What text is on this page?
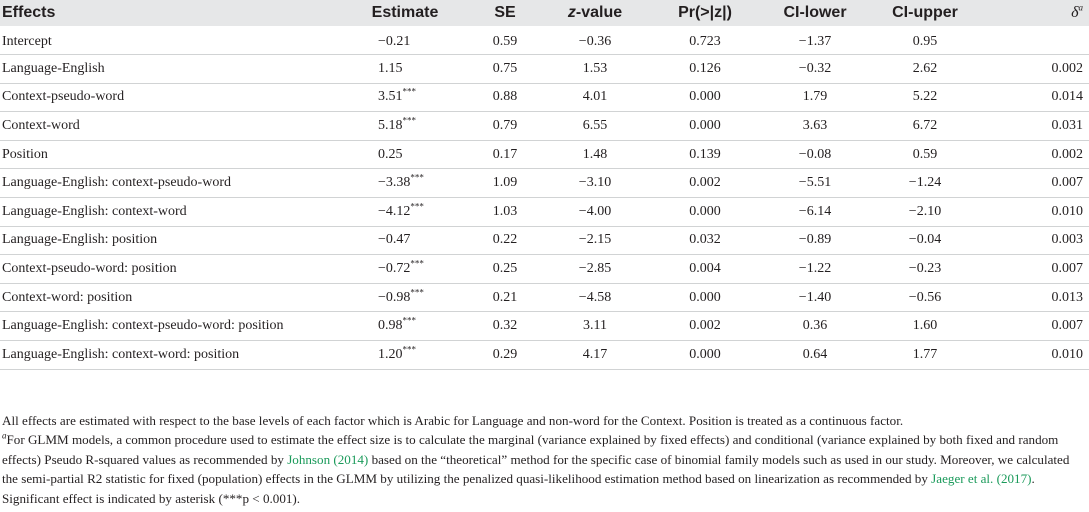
Effects	Estimate	SE	z-value	Pr(>|z|)	CI-lower	CI-upper	$\delta^a$
Intercept	−0.21	0.59	−0.36	0.723	−1.37	0.95	
Language-English	1.15	0.75	1.53	0.126	−0.32	2.62	0.002
Context-pseudo-word	3.51***	0.88	4.01	0.000	1.79	5.22	0.014
Context-word	5.18***	0.79	6.55	0.000	3.63	6.72	0.031
Position	0.25	0.17	1.48	0.139	−0.08	0.59	0.002
Language-English: context-pseudo-word	−3.38***	1.09	−3.10	0.002	−5.51	−1.24	0.007
Language-English: context-word	−4.12***	1.03	−4.00	0.000	−6.14	−2.10	0.010
Language-English: position	−0.47	0.22	−2.15	0.032	−0.89	−0.04	0.003
Context-pseudo-word: position	−0.72***	0.25	−2.85	0.004	−1.22	−0.23	0.007
Context-word: position	−0.98***	0.21	−4.58	0.000	−1.40	−0.56	0.013
Language-English: context-pseudo-word: position	0.98***	0.32	3.11	0.002	0.36	1.60	0.007
Language-English: context-word: position	1.20***	0.29	4.17	0.000	0.64	1.77	0.010

All effects are estimated with respect to the base levels of each factor which is Arabic for Language and non-word for the Context. Position is treated as a continuous factor.

$^a$For GLMM models, a common procedure used to estimate the effect size is to calculate the marginal (variance explained by fixed effects) and conditional (variance explained by both fixed and random effects) Pseudo R-squared values as recommended by Johnson (2014) based on the “theoretical” method for the specific case of binomial family models such as used in our study. Moreover, we calculated the semi-partial R2 statistic for fixed (population) effects in the GLMM by utilizing the penalized quasi-likelihood estimation method based on linearization as recommended by Jaeger et al. (2017). Significant effect is indicated by asterisk (***p < 0.001).
